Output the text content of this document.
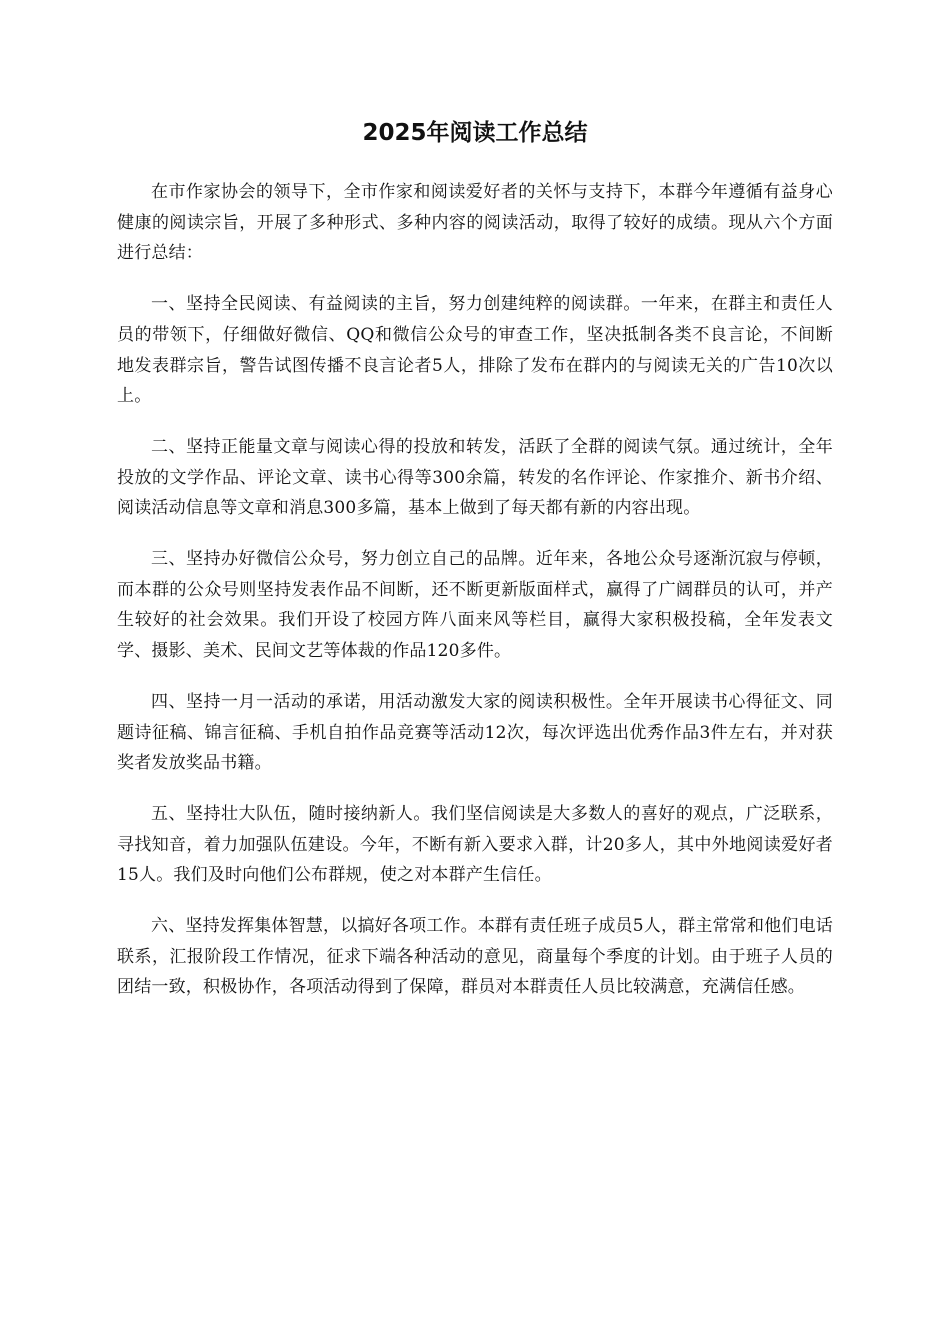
2025年阅读工作总结

在市作家协会的领导下，全市作家和阅读爱好者的关怀与支持下，本群今年遵循有益身心健康的阅读宗旨，开展了多种形式、多种内容的阅读活动，取得了较好的成绩。现从六个方面进行总结：

一、坚持全民阅读、有益阅读的主旨，努力创建纯粹的阅读群。一年来，在群主和责任人员的带领下，仔细做好微信、QQ和微信公众号的审查工作，坚决抵制各类不良言论，不间断地发表群宗旨，警告试图传播不良言论者5人，排除了发布在群内的与阅读无关的广告10次以上。

二、坚持正能量文章与阅读心得的投放和转发，活跃了全群的阅读气氛。通过统计，全年投放的文学作品、评论文章、读书心得等300余篇，转发的名作评论、作家推介、新书介绍、阅读活动信息等文章和消息300多篇，基本上做到了每天都有新的内容出现。

三、坚持办好微信公众号，努力创立自己的品牌。近年来，各地公众号逐渐沉寂与停顿，而本群的公众号则坚持发表作品不间断，还不断更新版面样式，赢得了广阔群员的认可，并产生较好的社会效果。我们开设了校园方阵八面来风等栏目，赢得大家积极投稿，全年发表文学、摄影、美术、民间文艺等体裁的作品120多件。

四、坚持一月一活动的承诺，用活动激发大家的阅读积极性。全年开展读书心得征文、同题诗征稿、锦言征稿、手机自拍作品竞赛等活动12次，每次评选出优秀作品3件左右，并对获奖者发放奖品书籍。

五、坚持壮大队伍，随时接纳新人。我们坚信阅读是大多数人的喜好的观点，广泛联系，寻找知音，着力加强队伍建设。今年，不断有新入要求入群，计20多人，其中外地阅读爱好者15人。我们及时向他们公布群规，使之对本群产生信任。

六、坚持发挥集体智慧，以搞好各项工作。本群有责任班子成员5人，群主常常和他们电话联系，汇报阶段工作情况，征求下端各种活动的意见，商量每个季度的计划。由于班子人员的团结一致，积极协作，各项活动得到了保障，群员对本群责任人员比较满意，充满信任感。
